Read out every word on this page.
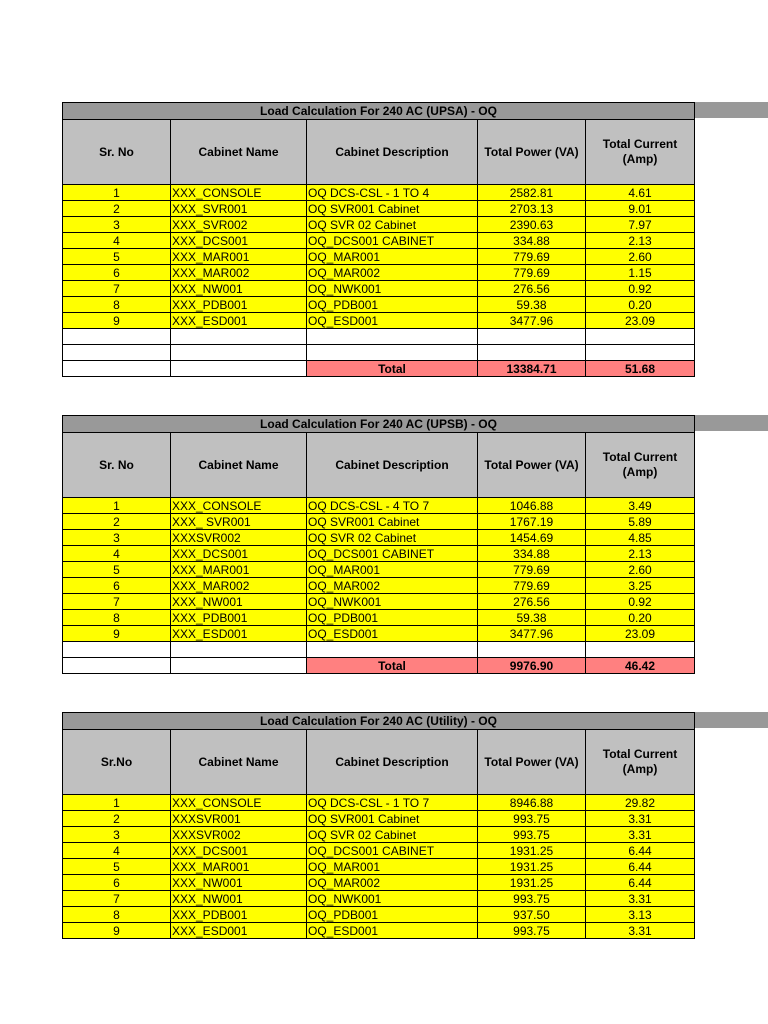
Load Calculation For 240 AC (UPSA) - OQ				
Sr. No	Cabinet Name	Cabinet Description	Total Power (VA)	Total Current (Amp)
1	XXX_CONSOLE	OQ DCS-CSL - 1 TO 4	2582.81	4.61
2	XXX_SVR001	OQ SVR001 Cabinet	2703.13	9.01
3	XXX_SVR002	OQ SVR 02 Cabinet	2390.63	7.97
4	XXX_DCS001	OQ_DCS001 CABINET	334.88	2.13
5	XXX_MAR001	OQ_MAR001	779.69	2.60
6	XXX_MAR002	OQ_MAR002	779.69	1.15
7	XXX_NW001	OQ_NWK001	276.56	0.92
8	XXX_PDB001	OQ_PDB001	59.38	0.20
9	XXX_ESD001	OQ_ESD001	3477.96	23.09

		Total	13384.71	51.68
Load Calculation For 240 AC (UPSB) - OQ				
Sr. No	Cabinet Name	Cabinet Description	Total Power (VA)	Total Current (Amp)
1	XXX_CONSOLE	OQ DCS-CSL - 4 TO 7	1046.88	3.49
2	XXX_ SVR001	OQ SVR001 Cabinet	1767.19	5.89
3	XXXSVR002	OQ SVR 02 Cabinet	1454.69	4.85
4	XXX_DCS001	OQ_DCS001 CABINET	334.88	2.13
5	XXX_MAR001	OQ_MAR001	779.69	2.60
6	XXX_MAR002	OQ_MAR002	779.69	3.25
7	XXX_NW001	OQ_NWK001	276.56	0.92
8	XXX_PDB001	OQ_PDB001	59.38	0.20
9	XXX_ESD001	OQ_ESD001	3477.96	23.09

		Total	9976.90	46.42
Load Calculation For 240 AC (Utility) - OQ				
Sr.No	Cabinet Name	Cabinet Description	Total Power (VA)	Total Current (Amp)
1	XXX_CONSOLE	OQ DCS-CSL - 1 TO 7	8946.88	29.82
2	XXXSVR001	OQ SVR001 Cabinet	993.75	3.31
3	XXXSVR002	OQ SVR 02 Cabinet	993.75	3.31
4	XXX_DCS001	OQ_DCS001 CABINET	1931.25	6.44
5	XXX_MAR001	OQ_MAR001	1931.25	6.44
6	XXX_NW001	OQ_MAR002	1931.25	6.44
7	XXX_NW001	OQ_NWK001	993.75	3.31
8	XXX_PDB001	OQ_PDB001	937.50	3.13
9	XXX_ESD001	OQ_ESD001	993.75	3.31
